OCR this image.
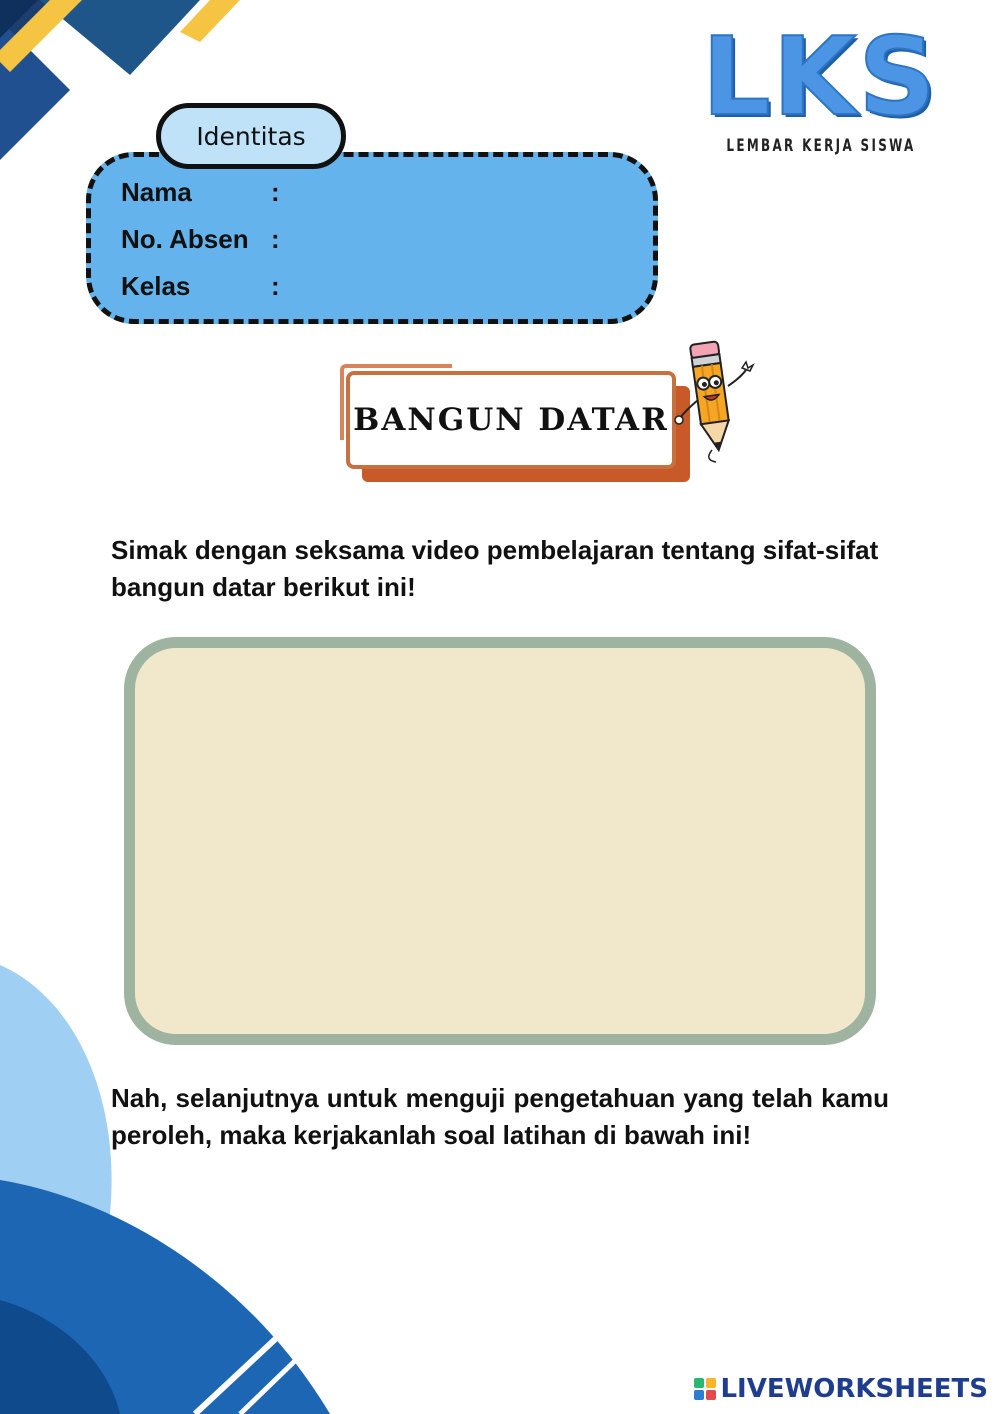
LKS
LEMBAR KERJA SISWA
Identitas
Nama	:
No. Absen :
Kelas	:
BANGUN DATAR
Simak dengan seksama video pembelajaran tentang sifat-sifat bangun datar berikut ini!
Nah, selanjutnya untuk menguji pengetahuan yang telah kamu peroleh, maka kerjakanlah soal latihan di bawah ini!
LIVEWORKSHEETS
